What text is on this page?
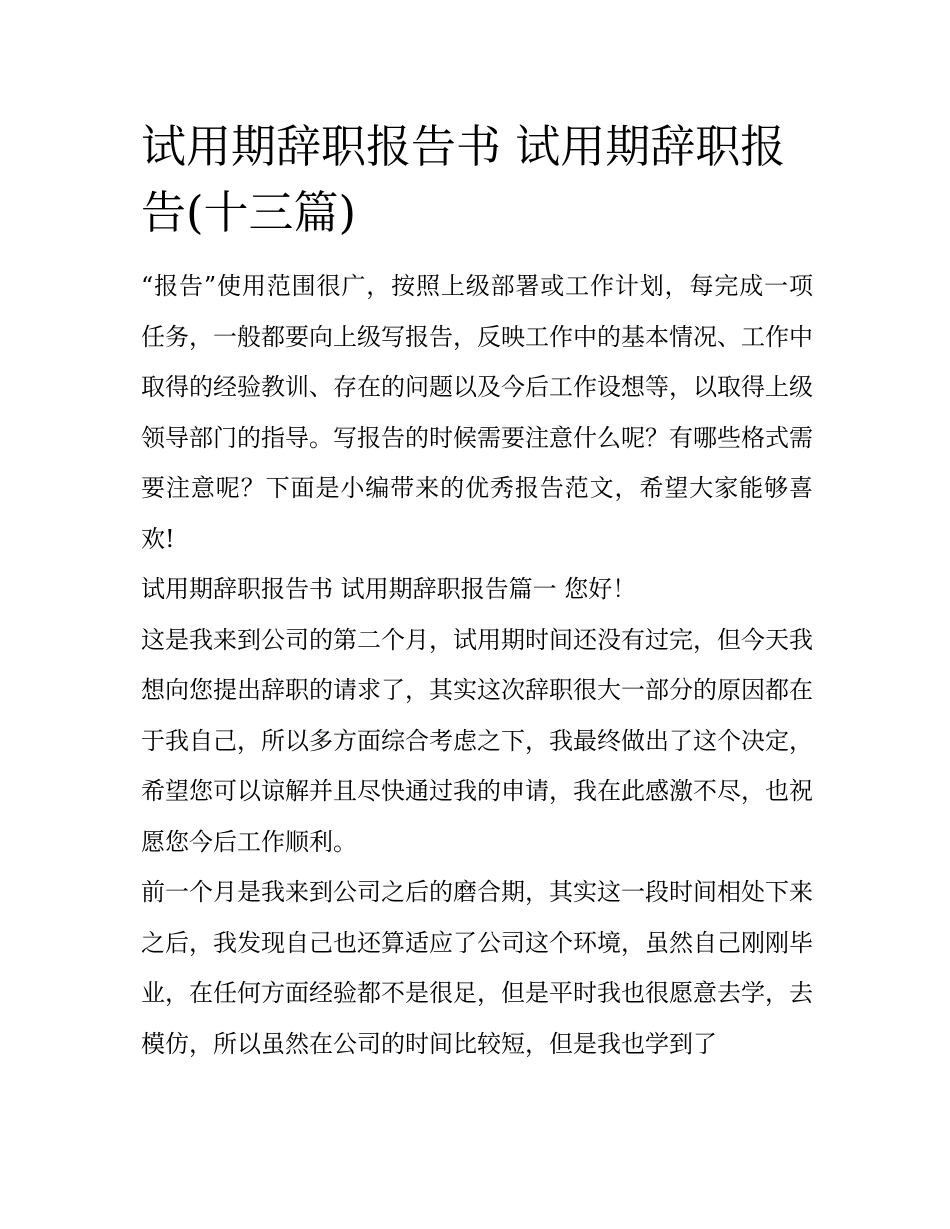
试用期辞职报告书 试用期辞职报告(十三篇)

“报告”使用范围很广，按照上级部署或工作计划，每完成一项任务，一般都要向上级写报告，反映工作中的基本情况、工作中取得的经验教训、存在的问题以及今后工作设想等，以取得上级领导部门的指导。写报告的时候需要注意什么呢？有哪些格式需要注意呢？下面是小编带来的优秀报告范文，希望大家能够喜欢!

试用期辞职报告书 试用期辞职报告篇一 您好！

这是我来到公司的第二个月，试用期时间还没有过完，但今天我想向您提出辞职的请求了，其实这次辞职很大一部分的原因都在于我自己，所以多方面综合考虑之下，我最终做出了这个决定，希望您可以谅解并且尽快通过我的申请，我在此感激不尽，也祝愿您今后工作顺利。

前一个月是我来到公司之后的磨合期，其实这一段时间相处下来之后，我发现自己也还算适应了公司这个环境，虽然自己刚刚毕业，在任何方面经验都不是很足，但是平时我也很愿意去学，去模仿，所以虽然在公司的时间比较短，但是我也学到了
